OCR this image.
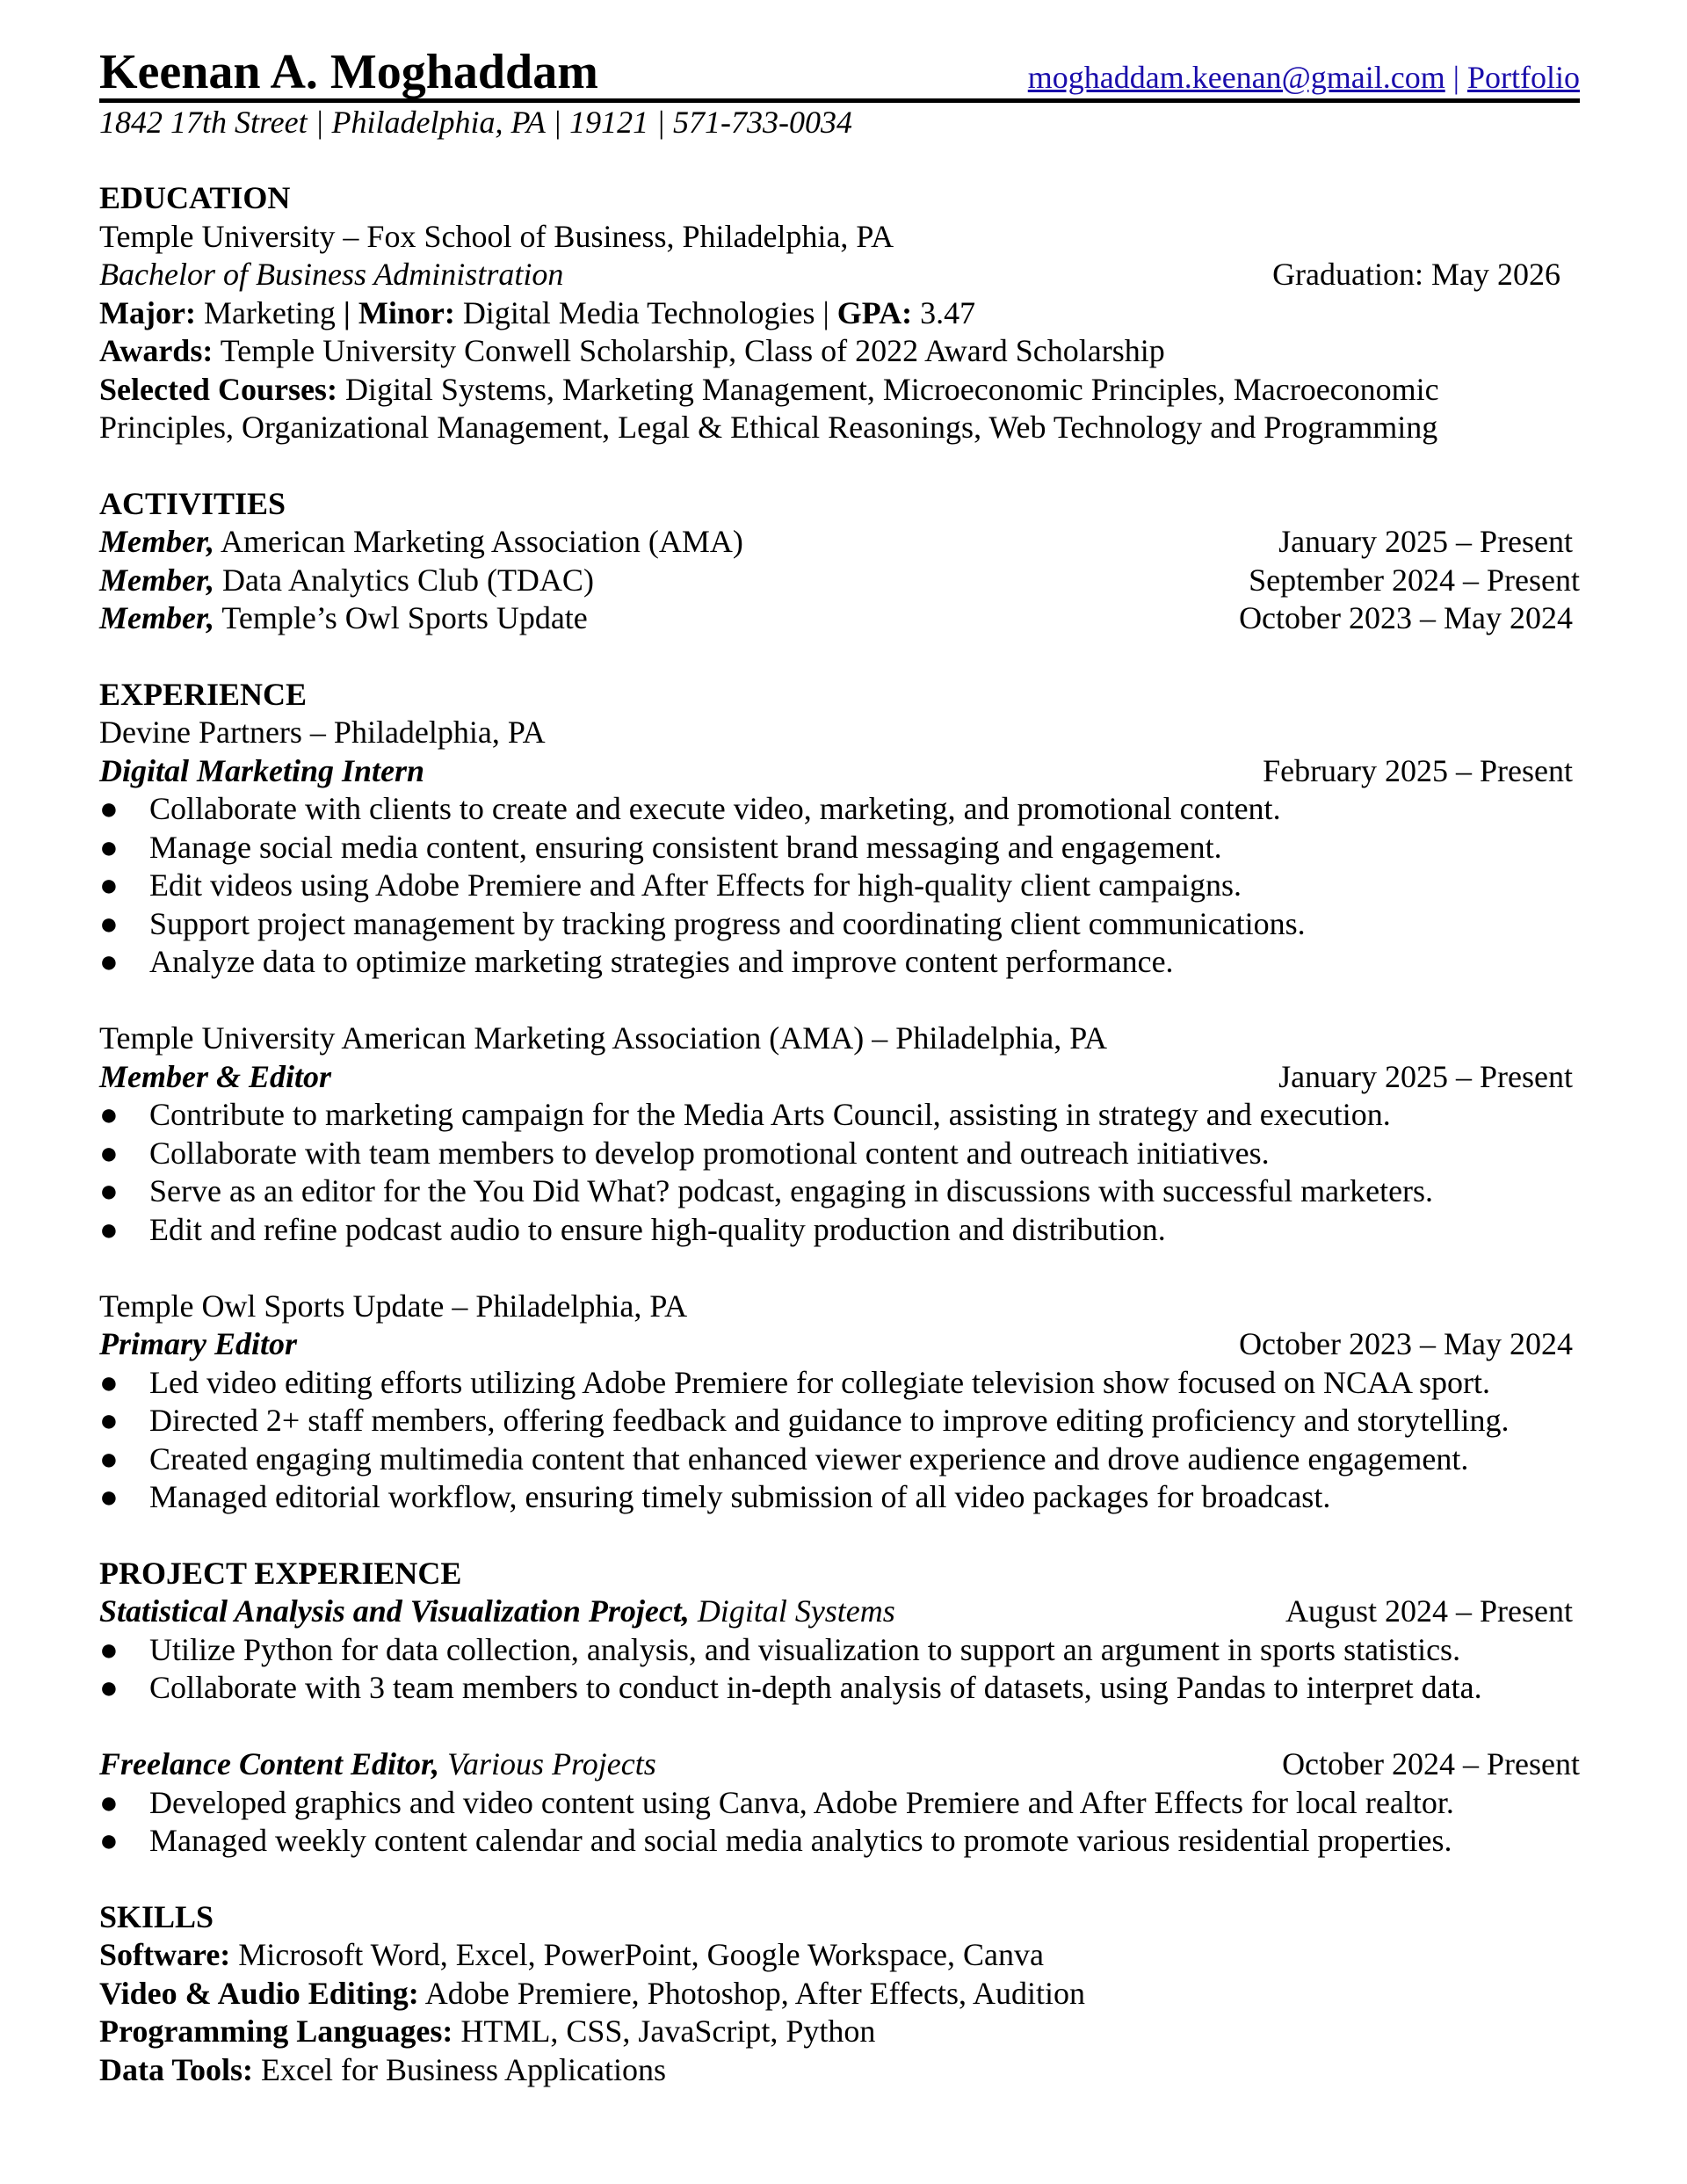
Keenan A. Moghaddam	moghaddam.keenan@gmail.com | Portfolio
1842 17th Street | Philadelphia, PA | 19121 | 571-733-0034
EDUCATION
Temple University – Fox School of Business, Philadelphia, PA
Bachelor of Business Administration	Graduation: May 2026
Major: Marketing | Minor: Digital Media Technologies | GPA: 3.47
Awards: Temple University Conwell Scholarship, Class of 2022 Award Scholarship
Selected Courses: Digital Systems, Marketing Management, Microeconomic Principles, Macroeconomic Principles, Organizational Management, Legal & Ethical Reasonings, Web Technology and Programming
ACTIVITIES
Member, American Marketing Association (AMA)	January 2025 – Present
Member, Data Analytics Club (TDAC)	September 2024 – Present
Member, Temple’s Owl Sports Update	October 2023 – May 2024
EXPERIENCE
Devine Partners – Philadelphia, PA
Digital Marketing Intern	February 2025 – Present
● Collaborate with clients to create and execute video, marketing, and promotional content.
● Manage social media content, ensuring consistent brand messaging and engagement.
● Edit videos using Adobe Premiere and After Effects for high-quality client campaigns.
● Support project management by tracking progress and coordinating client communications.
● Analyze data to optimize marketing strategies and improve content performance.
Temple University American Marketing Association (AMA) – Philadelphia, PA
Member & Editor	January 2025 – Present
● Contribute to marketing campaign for the Media Arts Council, assisting in strategy and execution.
● Collaborate with team members to develop promotional content and outreach initiatives.
● Serve as an editor for the You Did What? podcast, engaging in discussions with successful marketers.
● Edit and refine podcast audio to ensure high-quality production and distribution.
Temple Owl Sports Update – Philadelphia, PA
Primary Editor	October 2023 – May 2024
● Led video editing efforts utilizing Adobe Premiere for collegiate television show focused on NCAA sport.
● Directed 2+ staff members, offering feedback and guidance to improve editing proficiency and storytelling.
● Created engaging multimedia content that enhanced viewer experience and drove audience engagement.
● Managed editorial workflow, ensuring timely submission of all video packages for broadcast.
PROJECT EXPERIENCE
Statistical Analysis and Visualization Project, Digital Systems	August 2024 – Present
● Utilize Python for data collection, analysis, and visualization to support an argument in sports statistics.
● Collaborate with 3 team members to conduct in-depth analysis of datasets, using Pandas to interpret data.
Freelance Content Editor, Various Projects	October 2024 – Present
● Developed graphics and video content using Canva, Adobe Premiere and After Effects for local realtor.
● Managed weekly content calendar and social media analytics to promote various residential properties.
SKILLS
Software: Microsoft Word, Excel, PowerPoint, Google Workspace, Canva
Video & Audio Editing: Adobe Premiere, Photoshop, After Effects, Audition
Programming Languages: HTML, CSS, JavaScript, Python
Data Tools: Excel for Business Applications
